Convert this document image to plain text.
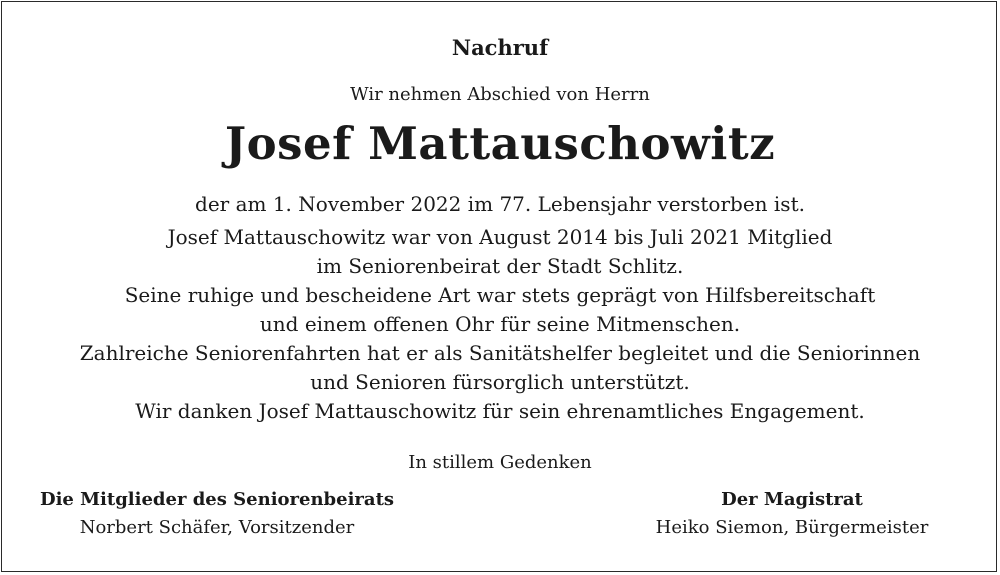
Nachruf
Wir nehmen Abschied von Herrn
Josef Mattauschowitz
der am 1. November 2022 im 77. Lebensjahr verstorben ist.
Josef Mattauschowitz war von August 2014 bis Juli 2021 Mitglied
im Seniorenbeirat der Stadt Schlitz.
Seine ruhige und bescheidene Art war stets geprägt von Hilfsbereitschaft
und einem offenen Ohr für seine Mitmenschen.
Zahlreiche Seniorenfahrten hat er als Sanitätshelfer begleitet und die Seniorinnen
und Senioren fürsorglich unterstützt.
Wir danken Josef Mattauschowitz für sein ehrenamtliches Engagement.
In stillem Gedenken
Die Mitglieder des Seniorenbeirats
Norbert Schäfer, Vorsitzender
Der Magistrat
Heiko Siemon, Bürgermeister
